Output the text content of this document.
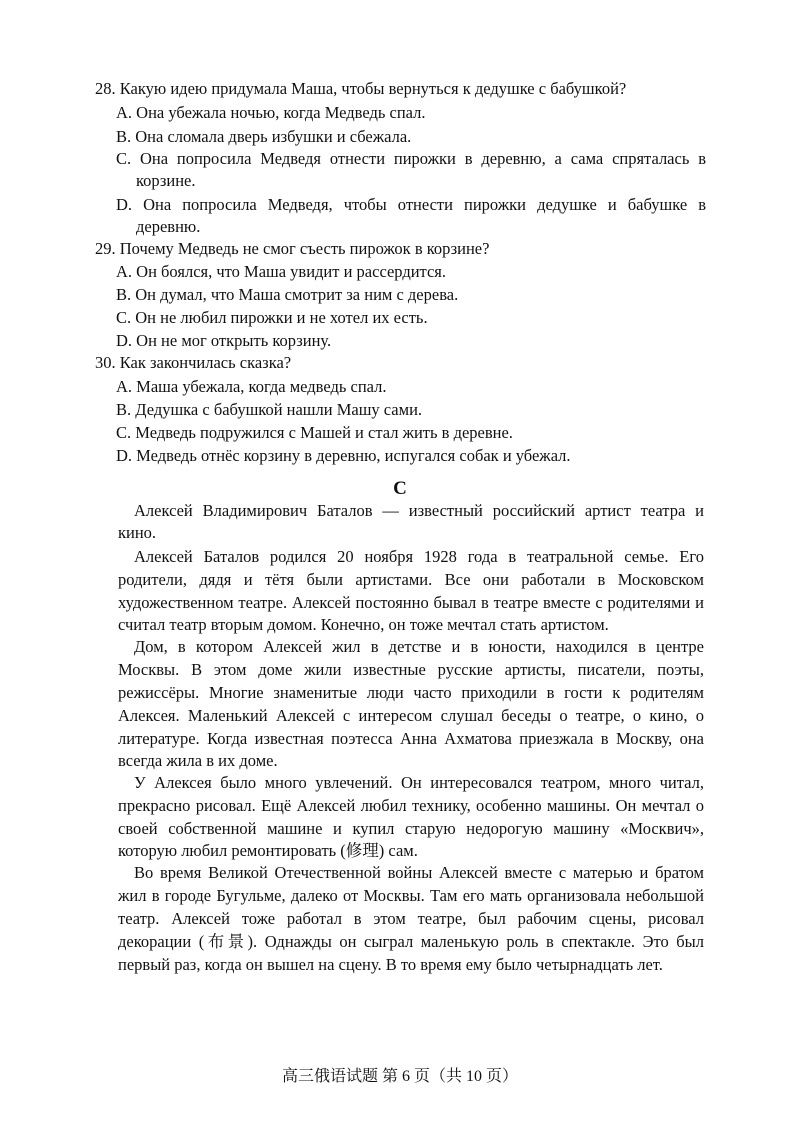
28. Какую идею придумала Маша, чтобы вернуться к дедушке с бабушкой?
A. Она убежала ночью, когда Медведь спал.
B. Она сломала дверь избушки и сбежала.
C. Она попросила Медведя отнести пирожки в деревню, а сама спряталась в
корзине.
D. Она попросила Медведя, чтобы отнести пирожки дедушке и бабушке в
деревню.
29. Почему Медведь не смог съесть пирожок в корзине?
A. Он боялся, что Маша увидит и рассердится.
B. Он думал, что Маша смотрит за ним с дерева.
C. Он не любил пирожки и не хотел их есть.
D. Он не мог открыть корзину.
30. Как закончилась сказка?
A. Маша убежала, когда медведь спал.
B. Дедушка с бабушкой нашли Машу сами.
C. Медведь подружился с Машей и стал жить в деревне.
D. Медведь отнёс корзину в деревню, испугался собак и убежал.
C
Алексей Владимирович Баталов — известный российский артист театра и
кино.
Алексей Баталов родился 20 ноября 1928 года в театральной семье. Его
родители, дядя и тётя были артистами. Все они работали в Московском
художественном театре. Алексей постоянно бывал в театре вместе с родителями и
считал театр вторым домом. Конечно, он тоже мечтал стать артистом.
Дом, в котором Алексей жил в детстве и в юности, находился в центре
Москвы. В этом доме жили известные русские артисты, писатели, поэты,
режиссёры. Многие знаменитые люди часто приходили в гости к родителям
Алексея. Маленький Алексей с интересом слушал беседы о театре, о кино, о
литературе. Когда известная поэтесса Анна Ахматова приезжала в Москву, она
всегда жила в их доме.
У Алексея было много увлечений. Он интересовался театром, много читал,
прекрасно рисовал. Ещё Алексей любил технику, особенно машины. Он мечтал о
своей собственной машине и купил старую недорогую машину «Москвич»,
которую любил ремонтировать (修理) сам.
Во время Великой Отечественной войны Алексей вместе с матерью и братом
жил в городе Бугульме, далеко от Москвы. Там его мать организовала небольшой
театр. Алексей тоже работал в этом театре, был рабочим сцены, рисовал
декорации (布景). Однажды он сыграл маленькую роль в спектакле. Это был
первый раз, когда он вышел на сцену. В то время ему было четырнадцать лет.
高三俄语试题 第 6 页（共 10 页）
